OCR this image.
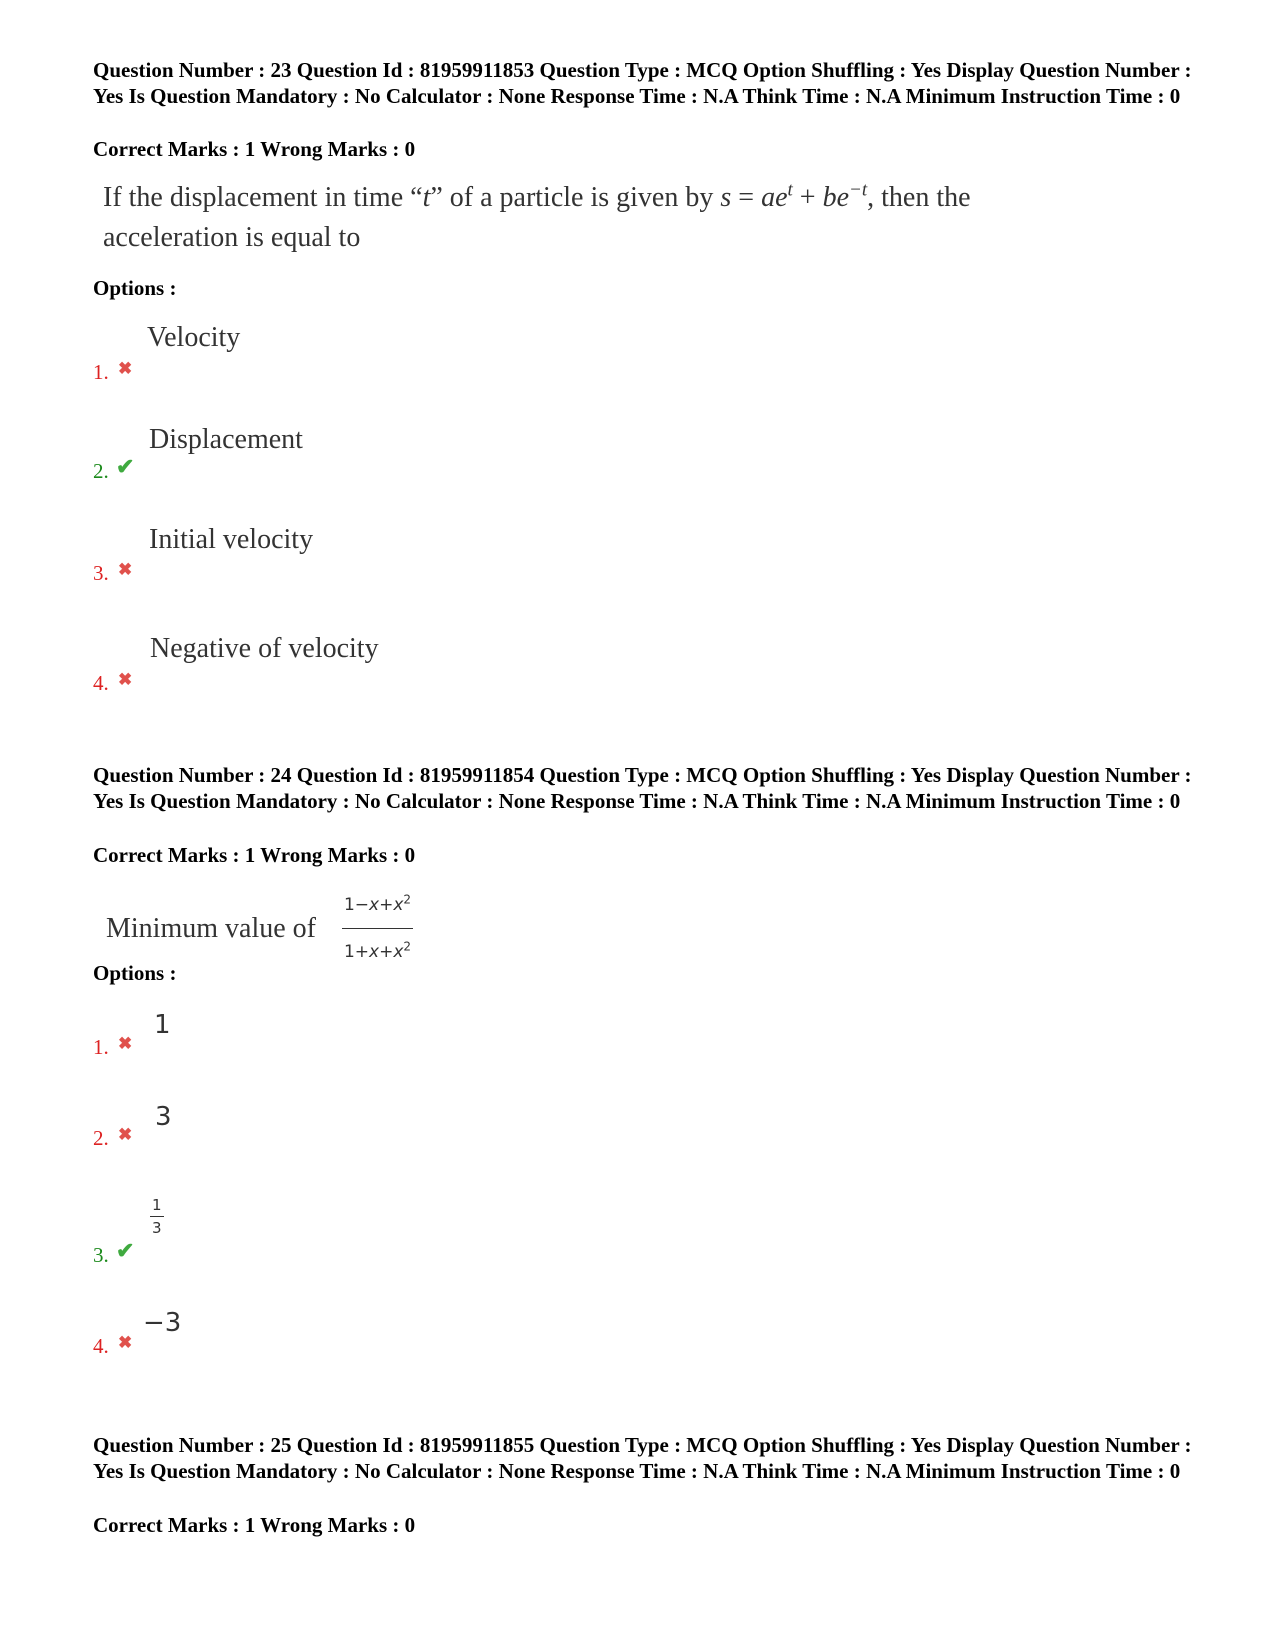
Question Number : 23 Question Id : 81959911853 Question Type : MCQ Option Shuffling : Yes Display Question Number : Yes Is Question Mandatory : No Calculator : None Response Time : N.A Think Time : N.A Minimum Instruction Time : 0

Correct Marks : 1 Wrong Marks : 0
If the displacement in time “t” of a particle is given by $s = ae^t + be^{-t}$, then the
acceleration is equal to
Options :
1. ✖
Velocity
2. ✔
Displacement
3. ✖
Initial velocity
4. ✖
Negative of velocity

Question Number : 24 Question Id : 81959911854 Question Type : MCQ Option Shuffling : Yes Display Question Number : Yes Is Question Mandatory : No Calculator : None Response Time : N.A Think Time : N.A Minimum Instruction Time : 0

Correct Marks : 1 Wrong Marks : 0
Minimum value of $\frac{1-x+x^2}{1+x+x^2}$
Options :
1. ✖
1
2. ✖
3
3. ✔
$\frac{1}{3}$
4. ✖
−3

Question Number : 25 Question Id : 81959911855 Question Type : MCQ Option Shuffling : Yes Display Question Number : Yes Is Question Mandatory : No Calculator : None Response Time : N.A Think Time : N.A Minimum Instruction Time : 0

Correct Marks : 1 Wrong Marks : 0
